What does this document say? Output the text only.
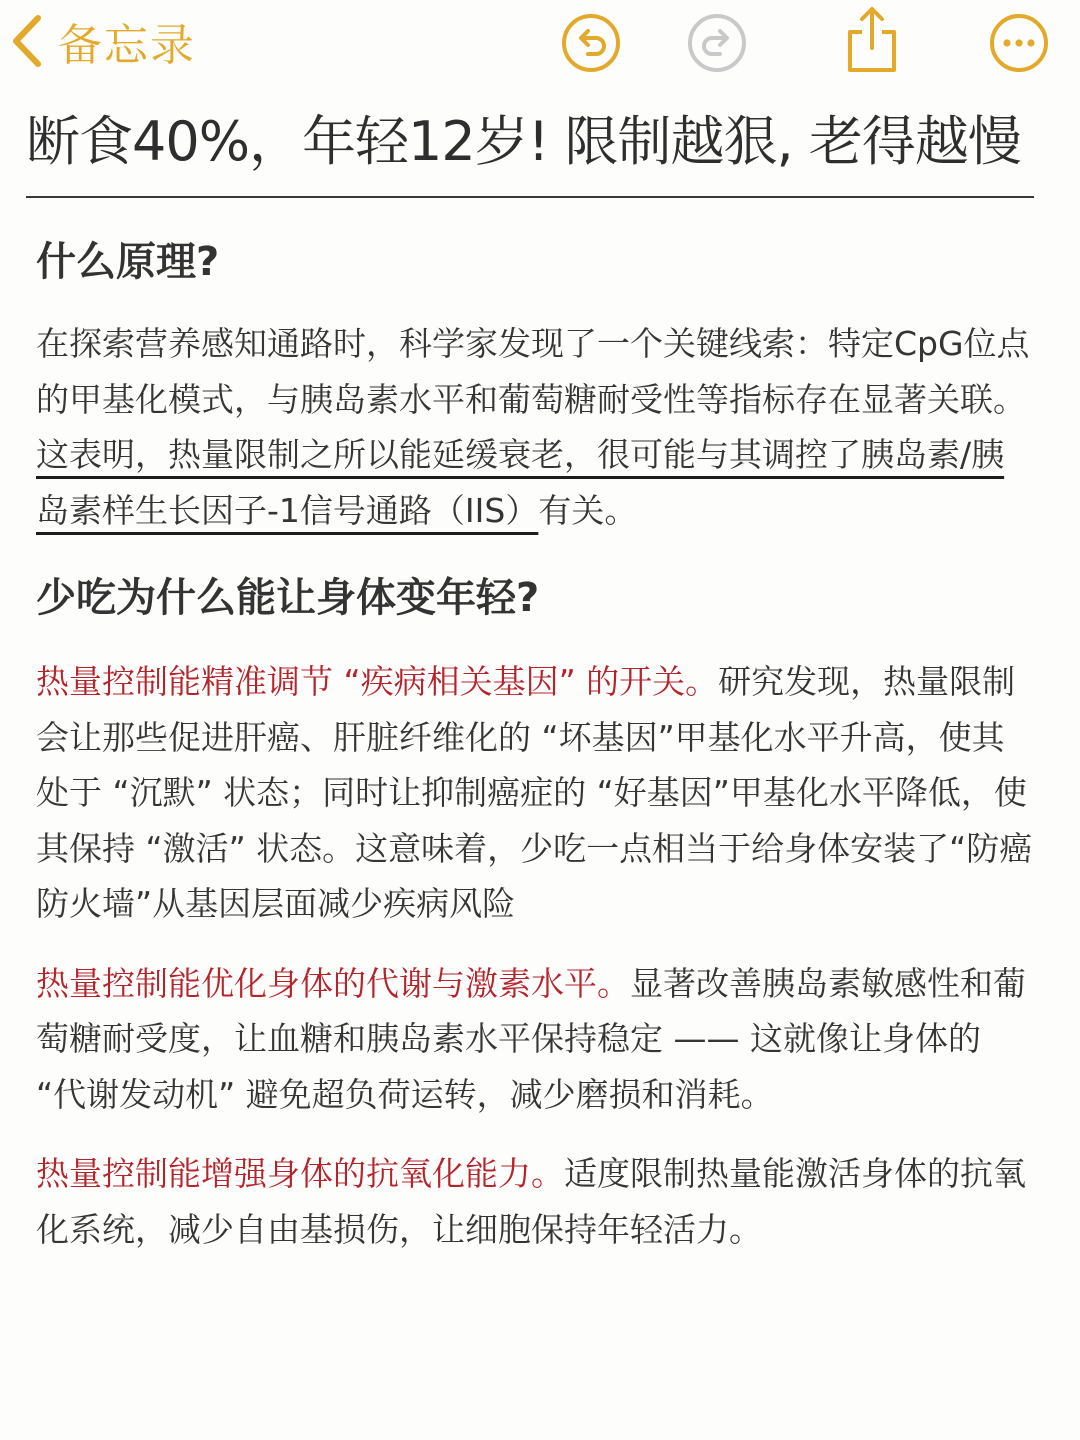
备忘录
断食40%，年轻12岁! 限制越狠, 老得越慢

什么原理?

在探索营养感知通路时，科学家发现了一个关键线索：特定CpG位点的甲基化模式，与胰岛素水平和葡萄糖耐受性等指标存在显著关联。这表明，热量限制之所以能延缓衰老，很可能与其调控了胰岛素/胰岛素样生长因子-1信号通路（IIS）有关。

少吃为什么能让身体变年轻?

热量控制能精准调节 “疾病相关基因” 的开关。研究发现，热量限制会让那些促进肝癌、肝脏纤维化的 “坏基因”甲基化水平升高，使其处于 “沉默” 状态；同时让抑制癌症的 “好基因”甲基化水平降低，使其保持 “激活” 状态。这意味着，少吃一点相当于给身体安装了“防癌防火墙”从基因层面减少疾病风险

热量控制能优化身体的代谢与激素水平。显著改善胰岛素敏感性和葡萄糖耐受度，让血糖和胰岛素水平保持稳定 —— 这就像让身体的 “代谢发动机” 避免超负荷运转，减少磨损和消耗。

热量控制能增强身体的抗氧化能力。适度限制热量能激活身体的抗氧化系统，减少自由基损伤，让细胞保持年轻活力。
